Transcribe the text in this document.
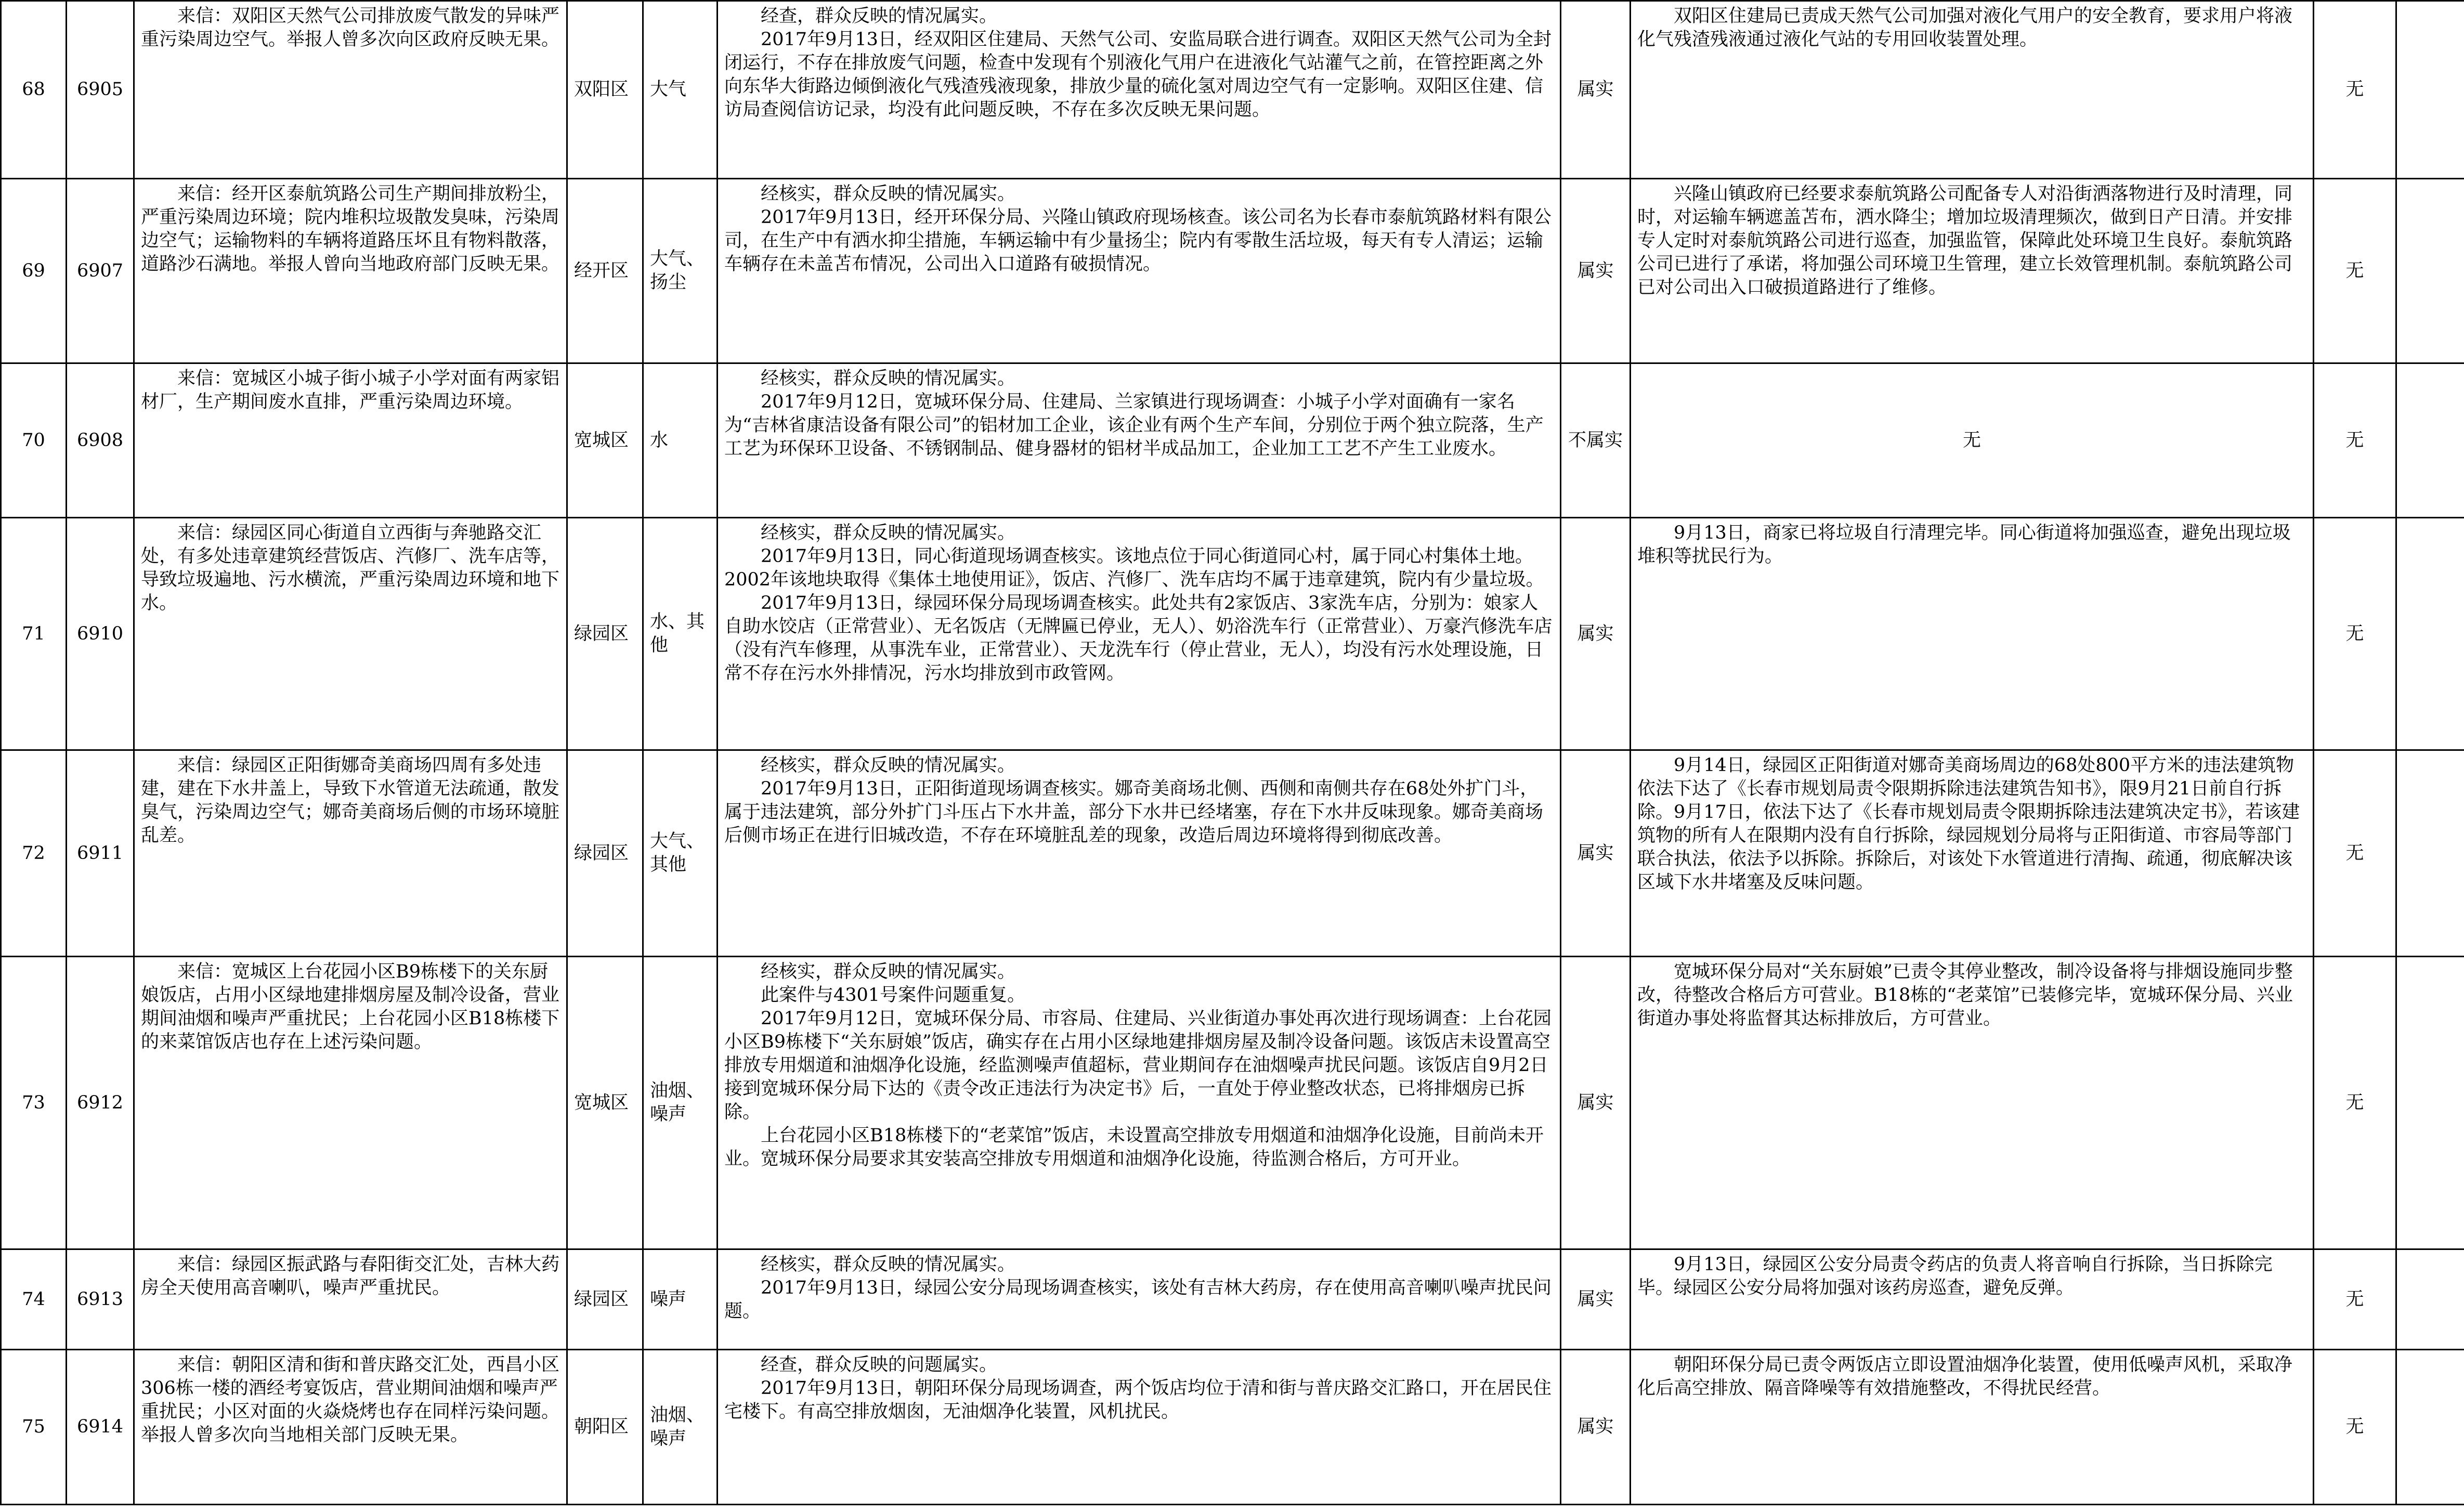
68	6905	来信：双阳区天然气公司排放废气散发的异味严重污染周边空气。举报人曾多次向区政府反映无果。	双阳区	大气	经查，群众反映的情况属实。
2017年9月13日，经双阳区住建局、天然气公司、安监局联合进行调查。双阳区天然气公司为全封闭运行，不存在排放废气问题，检查中发现有个别液化气用户在进液化气站灌气之前，在管控距离之外向东华大街路边倾倒液化气残渣残液现象，排放少量的硫化氢对周边空气有一定影响。双阳区住建、信访局查阅信访记录，均没有此问题反映，不存在多次反映无果问题。	属实	双阳区住建局已责成天然气公司加强对液化气用户的安全教育，要求用户将液化气残渣残液通过液化气站的专用回收装置处理。	无	
69	6907	来信：经开区泰航筑路公司生产期间排放粉尘，严重污染周边环境；院内堆积垃圾散发臭味，污染周边空气；运输物料的车辆将道路压坏且有物料散落，道路沙石满地。举报人曾向当地政府部门反映无果。	经开区	大气、扬尘	经核实，群众反映的情况属实。
2017年9月13日，经开环保分局、兴隆山镇政府现场核查。该公司名为长春市泰航筑路材料有限公司，在生产中有洒水抑尘措施，车辆运输中有少量扬尘；院内有零散生活垃圾，每天有专人清运；运输车辆存在未盖苫布情况，公司出入口道路有破损情况。	属实	兴隆山镇政府已经要求泰航筑路公司配备专人对沿街洒落物进行及时清理，同时，对运输车辆遮盖苫布，洒水降尘；增加垃圾清理频次，做到日产日清。并安排专人定时对泰航筑路公司进行巡查，加强监管，保障此处环境卫生良好。泰航筑路公司已进行了承诺，将加强公司环境卫生管理，建立长效管理机制。泰航筑路公司已对公司出入口破损道路进行了维修。	无	
70	6908	来信：宽城区小城子街小城子小学对面有两家铝材厂，生产期间废水直排，严重污染周边环境。	宽城区	水	经核实，群众反映的情况属实。
2017年9月12日，宽城环保分局、住建局、兰家镇进行现场调查：小城子小学对面确有一家名为“吉林省康洁设备有限公司”的铝材加工企业，该企业有两个生产车间，分别位于两个独立院落，生产工艺为环保环卫设备、不锈钢制品、健身器材的铝材半成品加工，企业加工工艺不产生工业废水。	不属实	无	无	
71	6910	来信：绿园区同心街道自立西街与奔驰路交汇处，有多处违章建筑经营饭店、汽修厂、洗车店等，导致垃圾遍地、污水横流，严重污染周边环境和地下水。	绿园区	水、其他	经核实，群众反映的情况属实。
2017年9月13日，同心街道现场调查核实。该地点位于同心街道同心村，属于同心村集体土地。2002年该地块取得《集体土地使用证》，饭店、汽修厂、洗车店均不属于违章建筑，院内有少量垃圾。
2017年9月13日，绿园环保分局现场调查核实。此处共有2家饭店、3家洗车店，分别为：娘家人自助水饺店（正常营业）、无名饭店（无牌匾已停业，无人）、奶浴洗车行（正常营业）、万豪汽修洗车店（没有汽车修理，从事洗车业，正常营业）、天龙洗车行（停止营业，无人），均没有污水处理设施，日常不存在污水外排情况，污水均排放到市政管网。	属实	9月13日，商家已将垃圾自行清理完毕。同心街道将加强巡查，避免出现垃圾堆积等扰民行为。	无	
72	6911	来信：绿园区正阳街娜奇美商场四周有多处违建，建在下水井盖上，导致下水管道无法疏通，散发臭气，污染周边空气；娜奇美商场后侧的市场环境脏乱差。	绿园区	大气、其他	经核实，群众反映的情况属实。
2017年9月13日，正阳街道现场调查核实。娜奇美商场北侧、西侧和南侧共存在68处外扩门斗，属于违法建筑，部分外扩门斗压占下水井盖，部分下水井已经堵塞，存在下水井反味现象。娜奇美商场后侧市场正在进行旧城改造，不存在环境脏乱差的现象，改造后周边环境将得到彻底改善。	属实	9月14日，绿园区正阳街道对娜奇美商场周边的68处800平方米的违法建筑物依法下达了《长春市规划局责令限期拆除违法建筑告知书》，限9月21日前自行拆除。9月17日，依法下达了《长春市规划局责令限期拆除违法建筑决定书》，若该建筑物的所有人在限期内没有自行拆除，绿园规划分局将与正阳街道、市容局等部门联合执法，依法予以拆除。拆除后，对该处下水管道进行清掏、疏通，彻底解决该区域下水井堵塞及反味问题。	无	
73	6912	来信：宽城区上台花园小区B9栋楼下的关东厨娘饭店，占用小区绿地建排烟房屋及制冷设备，营业期间油烟和噪声严重扰民；上台花园小区B18栋楼下的来菜馆饭店也存在上述污染问题。	宽城区	油烟、噪声	经核实，群众反映的情况属实。
此案件与4301号案件问题重复。
2017年9月12日，宽城环保分局、市容局、住建局、兴业街道办事处再次进行现场调查：上台花园小区B9栋楼下“关东厨娘”饭店，确实存在占用小区绿地建排烟房屋及制冷设备问题。该饭店未设置高空排放专用烟道和油烟净化设施，经监测噪声值超标，营业期间存在油烟噪声扰民问题。该饭店自9月2日接到宽城环保分局下达的《责令改正违法行为决定书》后，一直处于停业整改状态，已将排烟房已拆除。
上台花园小区B18栋楼下的“老菜馆”饭店，未设置高空排放专用烟道和油烟净化设施，目前尚未开业。宽城环保分局要求其安装高空排放专用烟道和油烟净化设施，待监测合格后，方可开业。	属实	宽城环保分局对“关东厨娘”已责令其停业整改，制冷设备将与排烟设施同步整改，待整改合格后方可营业。B18栋的“老菜馆”已装修完毕，宽城环保分局、兴业街道办事处将监督其达标排放后，方可营业。	无	
74	6913	来信：绿园区振武路与春阳街交汇处，吉林大药房全天使用高音喇叭，噪声严重扰民。	绿园区	噪声	经核实，群众反映的情况属实。
2017年9月13日，绿园公安分局现场调查核实，该处有吉林大药房，存在使用高音喇叭噪声扰民问题。	属实	9月13日，绿园区公安分局责令药店的负责人将音响自行拆除，当日拆除完毕。绿园区公安分局将加强对该药房巡查，避免反弹。	无	
75	6914	来信：朝阳区清和街和普庆路交汇处，西昌小区306栋一楼的酒经考宴饭店，营业期间油烟和噪声严重扰民；小区对面的火焱烧烤也存在同样污染问题。举报人曾多次向当地相关部门反映无果。	朝阳区	油烟、噪声	经查，群众反映的问题属实。
2017年9月13日，朝阳环保分局现场调查，两个饭店均位于清和街与普庆路交汇路口，开在居民住宅楼下。有高空排放烟囱，无油烟净化装置，风机扰民。	属实	朝阳环保分局已责令两饭店立即设置油烟净化装置，使用低噪声风机，采取净化后高空排放、隔音降噪等有效措施整改，不得扰民经营。	无	
